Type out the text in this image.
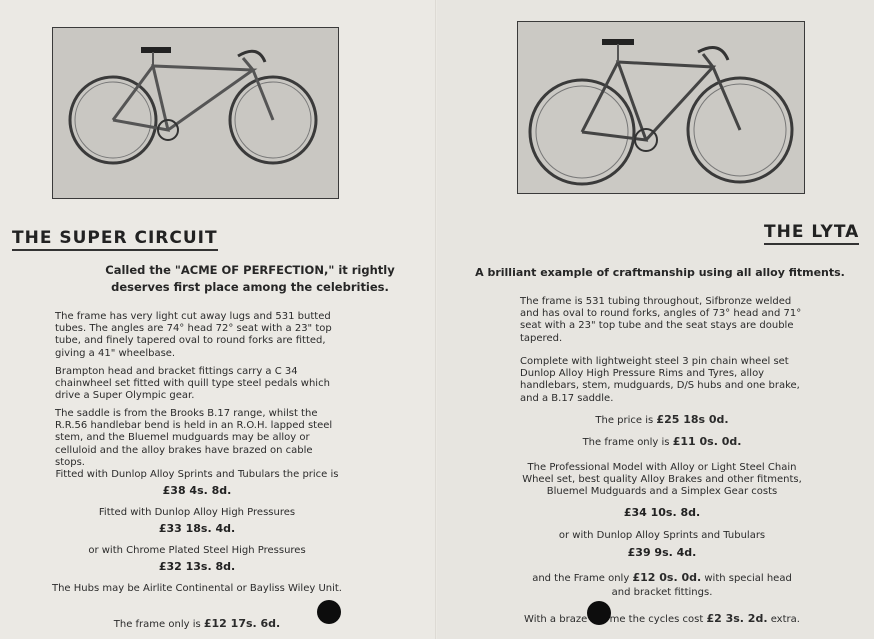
THE SUPER CIRCUIT
Called the "ACME OF PERFECTION," it rightly
deserves first place among the celebrities.
The frame has very light cut away lugs and 531 butted tubes. The angles are 74° head 72° seat with a 23" top tube, and finely tapered oval to round forks are fitted, giving a 41" wheelbase.
Brampton head and bracket fittings carry a C 34 chainwheel set fitted with quill type steel pedals which drive a Super Olympic gear.
The saddle is from the Brooks B.17 range, whilst the R.R.56 handlebar bend is held in an R.O.H. lapped steel stem, and the Bluemel mudguards may be alloy or celluloid and the alloy brakes have brazed on cable stops.
Fitted with Dunlop Alloy Sprints and Tubulars the price is
£38 4s. 8d.
Fitted with Dunlop Alloy High Pressures
£33 18s. 4d.
or with Chrome Plated Steel High Pressures
£32 13s. 8d.
The Hubs may be Airlite Continental or Bayliss Wiley Unit.
The frame only is £12 17s. 6d.
THE LYTA
A brilliant example of craftmanship using all alloy fitments.
The frame is 531 tubing throughout, Sifbronze welded and has oval to round forks, angles of 73° head and 71° seat with a 23" top tube and the seat stays are double tapered.
Complete with lightweight steel 3 pin chain wheel set Dunlop Alloy High Pressure Rims and Tyres, alloy handlebars, stem, mudguards, D/S hubs and one brake, and a B.17 saddle.
The price is £25 18s 0d.
The frame only is £11 0s. 0d.
The Professional Model with Alloy or Light Steel Chain Wheel set, best quality Alloy Brakes and other fitments, Bluemel Mudguards and a Simplex Gear costs
£34 10s. 8d.
or with Dunlop Alloy Sprints and Tubulars
£39 9s. 4d.
and the Frame only £12 0s. 0d. with special head
and bracket fittings.
With a braze me the cycles cost £2 3s. 2d. extra.
